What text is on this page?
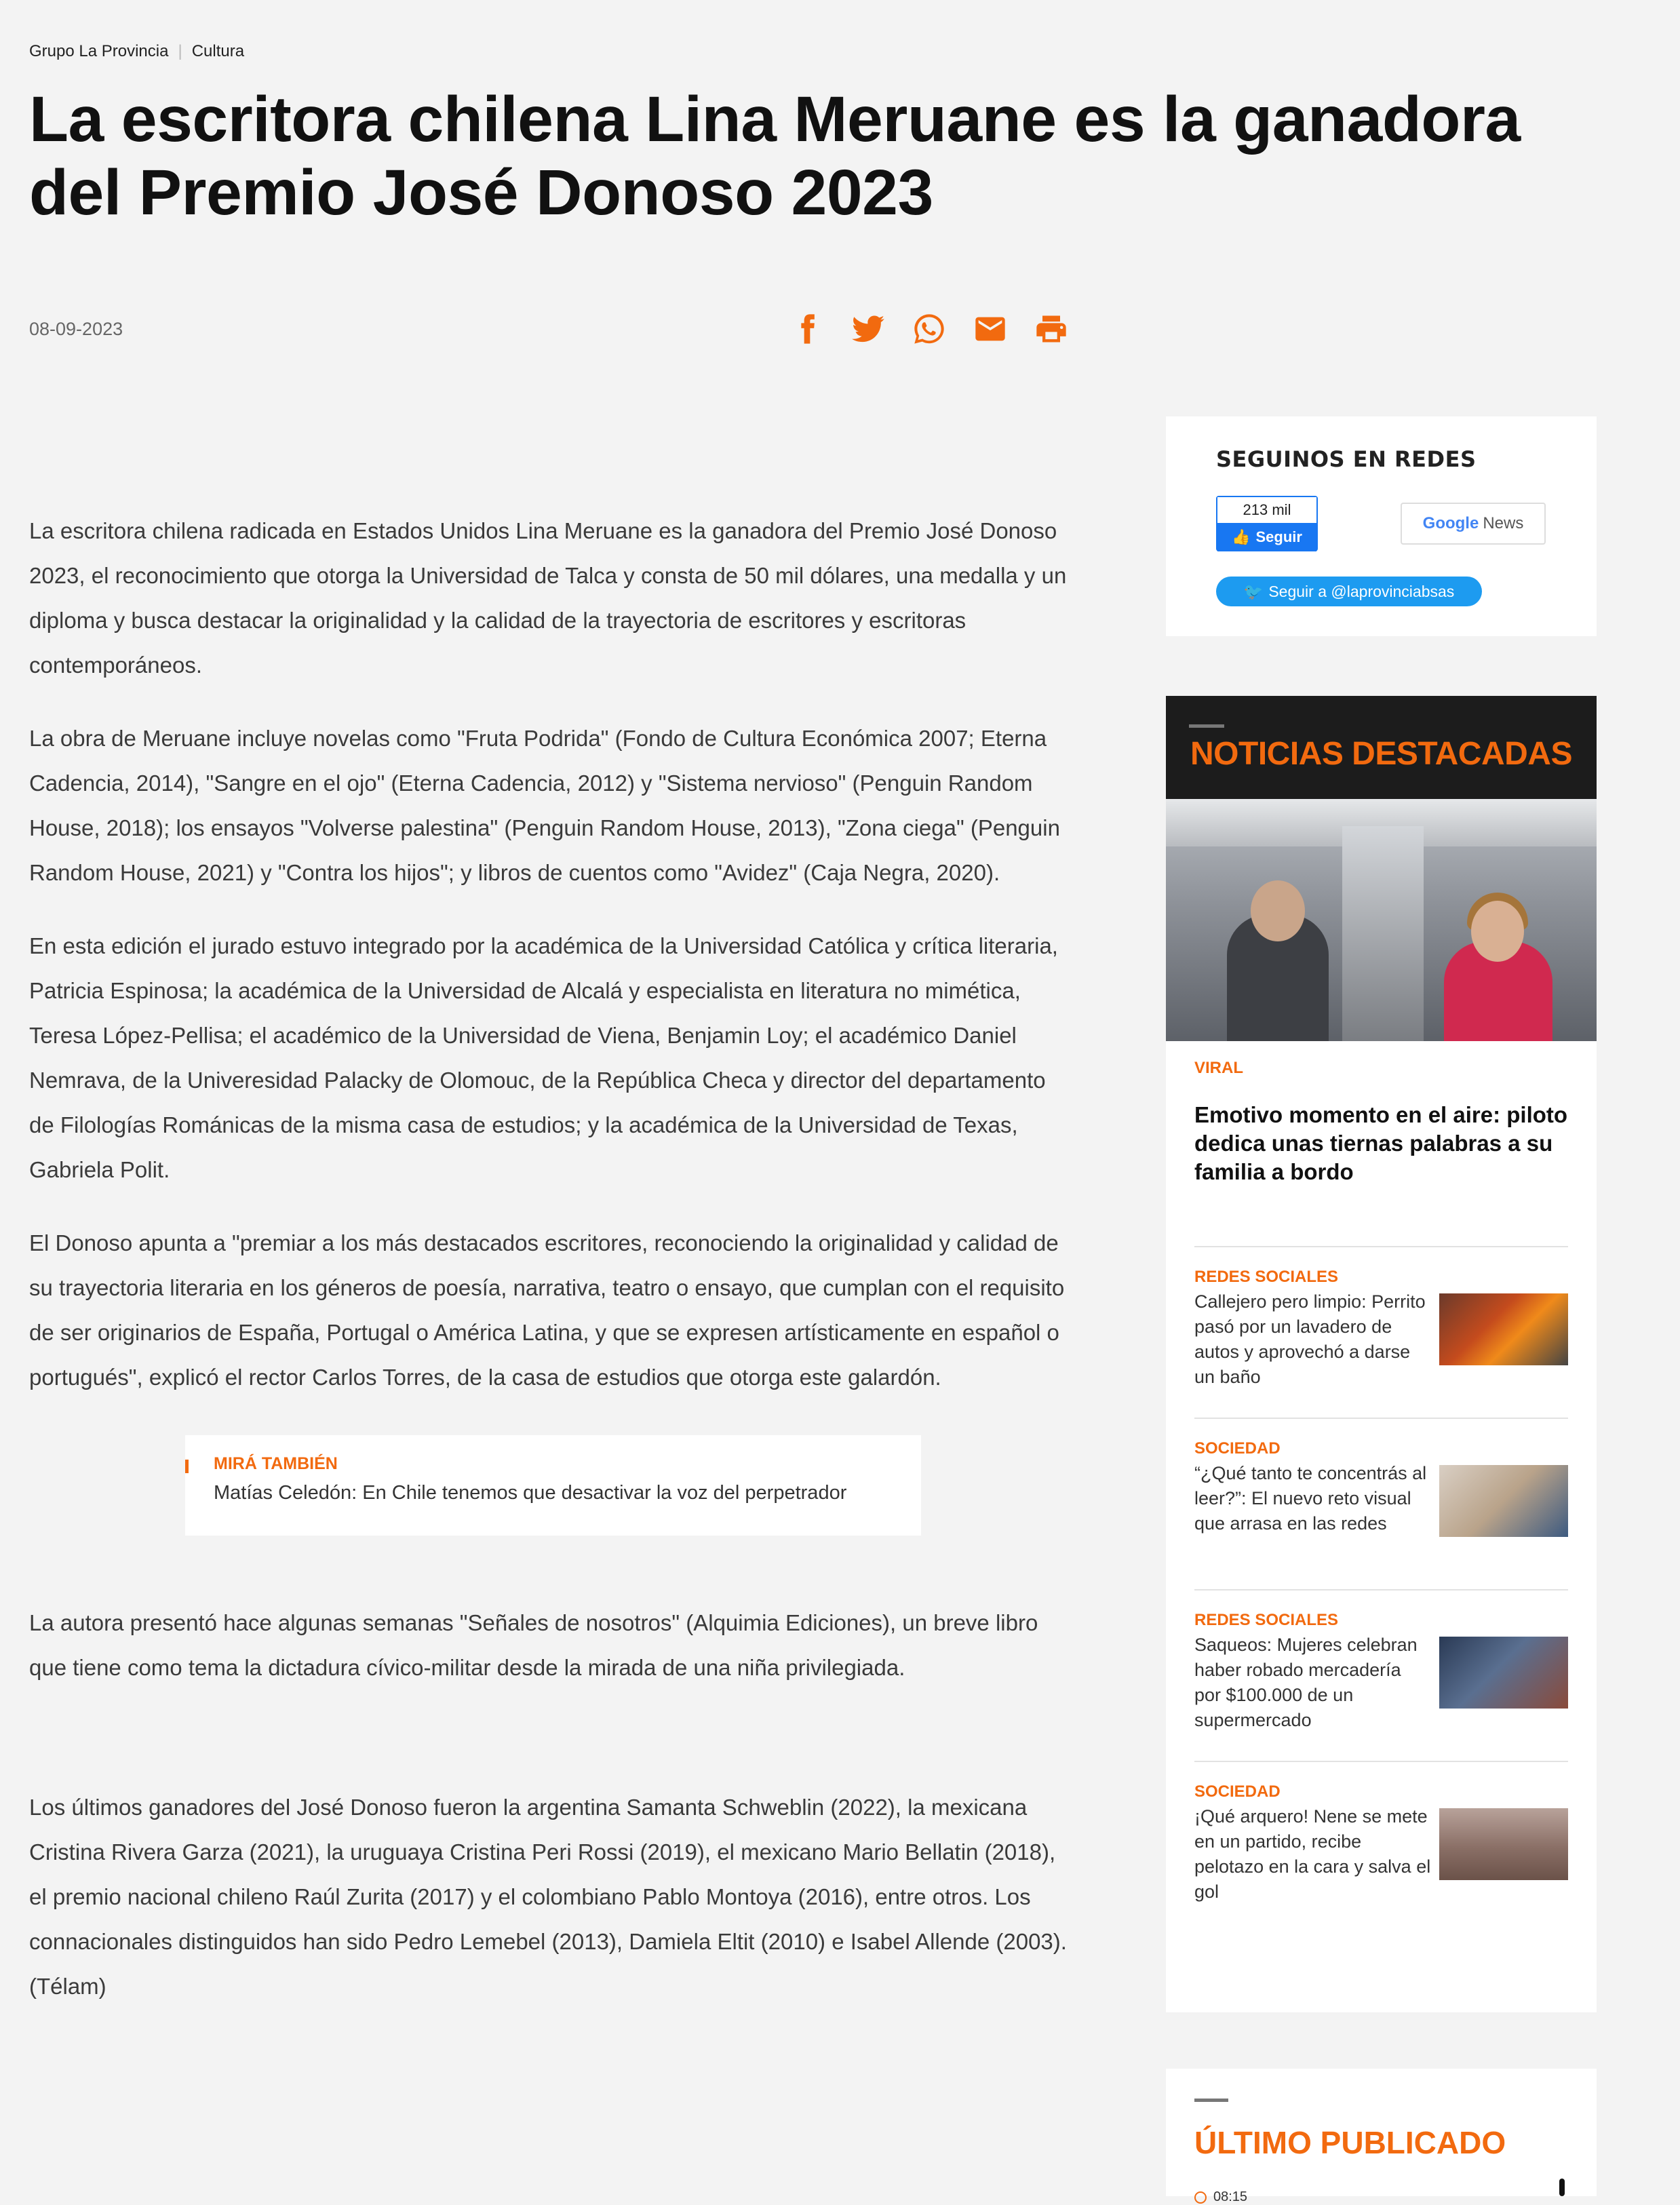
Grupo La Provincia | Cultura
La escritora chilena Lina Meruane es la ganadora del Premio José Donoso 2023
08-09-2023

La escritora chilena radicada en Estados Unidos Lina Meruane es la ganadora del Premio José Donoso 2023, el reconocimiento que otorga la Universidad de Talca y consta de 50 mil dólares, una medalla y un diploma y busca destacar la originalidad y la calidad de la trayectoria de escritores y escritoras contemporáneos.

La obra de Meruane incluye novelas como "Fruta Podrida" (Fondo de Cultura Económica 2007; Eterna Cadencia, 2014), "Sangre en el ojo" (Eterna Cadencia, 2012) y "Sistema nervioso" (Penguin Random House, 2018); los ensayos "Volverse palestina" (Penguin Random House, 2013), "Zona ciega" (Penguin Random House, 2021) y "Contra los hijos"; y libros de cuentos como "Avidez" (Caja Negra, 2020).

En esta edición el jurado estuvo integrado por la académica de la Universidad Católica y crítica literaria, Patricia Espinosa; la académica de la Universidad de Alcalá y especialista en literatura no mimética, Teresa López-Pellisa; el académico de la Universidad de Viena, Benjamin Loy; el académico Daniel Nemrava, de la Univeresidad Palacky de Olomouc, de la República Checa y director del departamento de Filologías Románicas de la misma casa de estudios; y la académica de la Universidad de Texas, Gabriela Polit.

El Donoso apunta a "premiar a los más destacados escritores, reconociendo la originalidad y calidad de su trayectoria literaria en los géneros de poesía, narrativa, teatro o ensayo, que cumplan con el requisito de ser originarios de España, Portugal o América Latina, y que se expresen artísticamente en español o portugués", explicó el rector Carlos Torres, de la casa de estudios que otorga este galardón.

MIRÁ TAMBIÉN
Matías Celedón: En Chile tenemos que desactivar la voz del perpetrador

La autora presentó hace algunas semanas "Señales de nosotros" (Alquimia Ediciones), un breve libro que tiene como tema la dictadura cívico-militar desde la mirada de una niña privilegiada.

Los últimos ganadores del José Donoso fueron la argentina Samanta Schweblin (2022), la mexicana Cristina Rivera Garza (2021), la uruguaya Cristina Peri Rossi (2019), el mexicano Mario Bellatin (2018), el premio nacional chileno Raúl Zurita (2017) y el colombiano Pablo Montoya (2016), entre otros. Los connacionales distinguidos han sido Pedro Lemebel (2013), Damiela Eltit (2010) e Isabel Allende (2003). (Télam)

SEGUINOS EN REDES
213 mil
👍 Seguir
Google News
🐦 Seguir a @laprovinciabsas
NOTICIAS DESTACADAS
VIRAL
Emotivo momento en el aire: piloto dedica unas tiernas palabras a su familia a bordo
REDES SOCIALES
Callejero pero limpio: Perrito pasó por un lavadero de autos y aprovechó a darse un baño
SOCIEDAD
“¿Qué tanto te concentrás al leer?”: El nuevo reto visual que arrasa en las redes
REDES SOCIALES
Saqueos: Mujeres celebran haber robado mercadería por $100.000 de un supermercado
SOCIEDAD
¡Qué arquero! Nene se mete en un partido, recibe pelotazo en la cara y salva el gol
ÚLTIMO PUBLICADO
08:15
